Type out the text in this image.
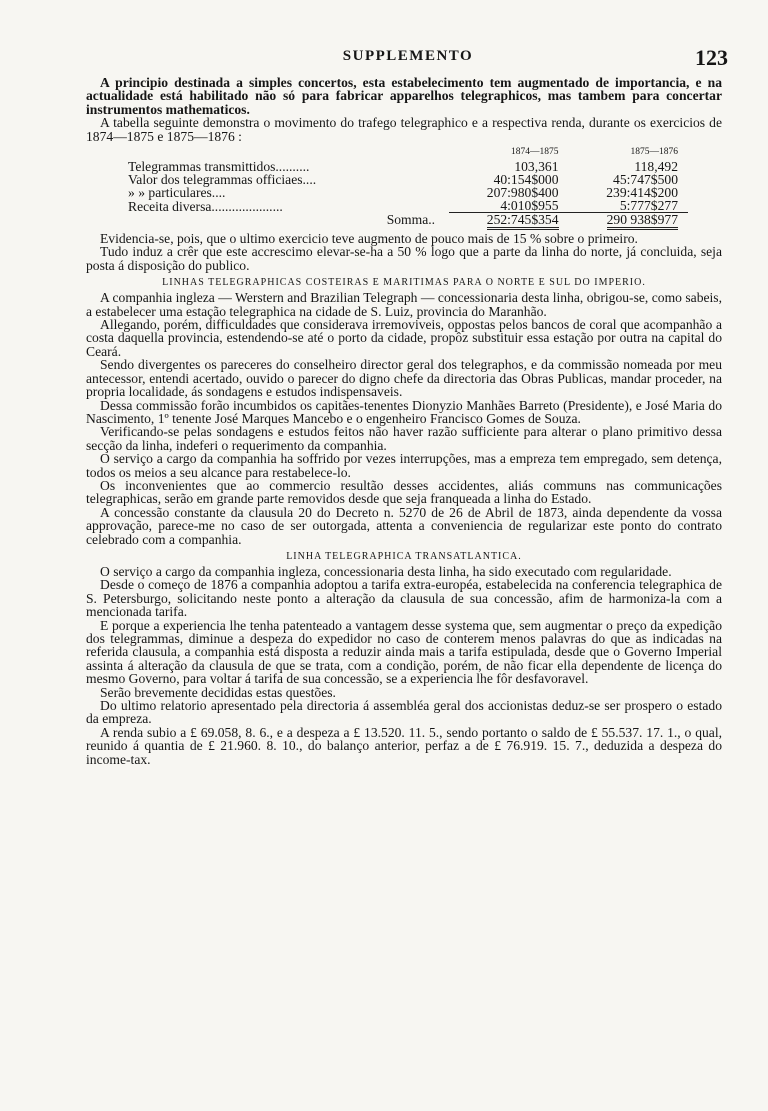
SUPPLEMENTO	123

A principio destinada a simples concertos, esta estabelecimento tem augmentado de importancia, e na actualidade está habilitado não só para fabricar apparelhos telegraphicos, mas tambem para concertar instrumentos mathematicos.

A tabella seguinte demonstra o movimento do trafego telegraphico e a respectiva renda, durante os exercicios de 1874—1875 e 1875—1876 :

	1874—1875	1875—1876
Telegrammas transmittidos..........	103,361	118,492
Valor dos telegrammas officiaes....	40:154$000	45:747$500
» » particulares....	207:980$400	239:414$200
Receita diversa.....................	4:010$955	5:777$277
Somma..	252:745$354	290 938$977

Evidencia-se, pois, que o ultimo exercicio teve augmento de pouco mais de 15 % sobre o primeiro.

Tudo induz a crêr que este accrescimo elevar-se-ha a 50 % logo que a parte da linha do norte, já concluida, seja posta á disposição do publico.

LINHAS TELEGRAPHICAS COSTEIRAS E MARITIMAS PARA O NORTE E SUL DO IMPERIO.

A companhia ingleza — Werstern and Brazilian Telegraph — concessionaria desta linha, obrigou-se, como sabeis, a estabelecer uma estação telegraphica na cidade de S. Luiz, provincia do Maranhão.

Allegando, porém, difficuldades que considerava irremoviveis, oppostas pelos bancos de coral que acompanhão a costa daquella provincia, estendendo-se até o porto da cidade, propôz substituir essa estação por outra na capital do Ceará.

Sendo divergentes os pareceres do conselheiro director geral dos telegraphos, e da commissão nomeada por meu antecessor, entendi acertado, ouvido o parecer do digno chefe da directoria das Obras Publicas, mandar proceder, na propria localidade, ás sondagens e estudos indispensaveis.

Dessa commissão forão incumbidos os capitães-tenentes Dionyzio Manhães Barreto (Presidente), e José Maria do Nascimento, 1º tenente José Marques Mancebo e o engenheiro Francisco Gomes de Souza.

Verificando-se pelas sondagens e estudos feitos não haver razão sufficiente para alterar o plano primitivo dessa secção da linha, indeferi o requerimento da companhia.

O serviço a cargo da companhia ha soffrido por vezes interrupções, mas a empreza tem empregado, sem detença, todos os meios a seu alcance para restabelece-lo.

Os inconvenientes que ao commercio resultão desses accidentes, aliás communs nas communicações telegraphicas, serão em grande parte removidos desde que seja franqueada a linha do Estado.

A concessão constante da clausula 20 do Decreto n. 5270 de 26 de Abril de 1873, ainda dependente da vossa approvação, parece-me no caso de ser outorgada, attenta a conveniencia de regularizar este ponto do contrato celebrado com a companhia.

LINHA TELEGRAPHICA TRANSATLANTICA.

O serviço a cargo da companhia ingleza, concessionaria desta linha, ha sido executado com regularidade.

Desde o começo de 1876 a companhia adoptou a tarifa extra-européa, estabelecida na conferencia telegraphica de S. Petersburgo, solicitando neste ponto a alteração da clausula de sua concessão, afim de harmoniza-la com a mencionada tarifa.

E porque a experiencia lhe tenha patenteado a vantagem desse systema que, sem augmentar o preço da expedição dos telegrammas, diminue a despeza do expedidor no caso de conterem menos palavras do que as indicadas na referida clausula, a companhia está disposta a reduzir ainda mais a tarifa estipulada, desde que o Governo Imperial assinta á alteração da clausula de que se trata, com a condição, porém, de não ficar ella dependente de licença do mesmo Governo, para voltar á tarifa de sua concessão, se a experiencia lhe fôr desfavoravel.

Serão brevemente decididas estas questões.

Do ultimo relatorio apresentado pela directoria á assembléa geral dos accionistas deduz-se ser prospero o estado da empreza.

A renda subio a £ 69.058, 8. 6., e a despeza a £ 13.520. 11. 5., sendo portanto o saldo de £ 55.537. 17. 1., o qual, reunido á quantia de £ 21.960. 8. 10., do balanço anterior, perfaz a de £ 76.919. 15. 7., deduzida a despeza do income-tax.
